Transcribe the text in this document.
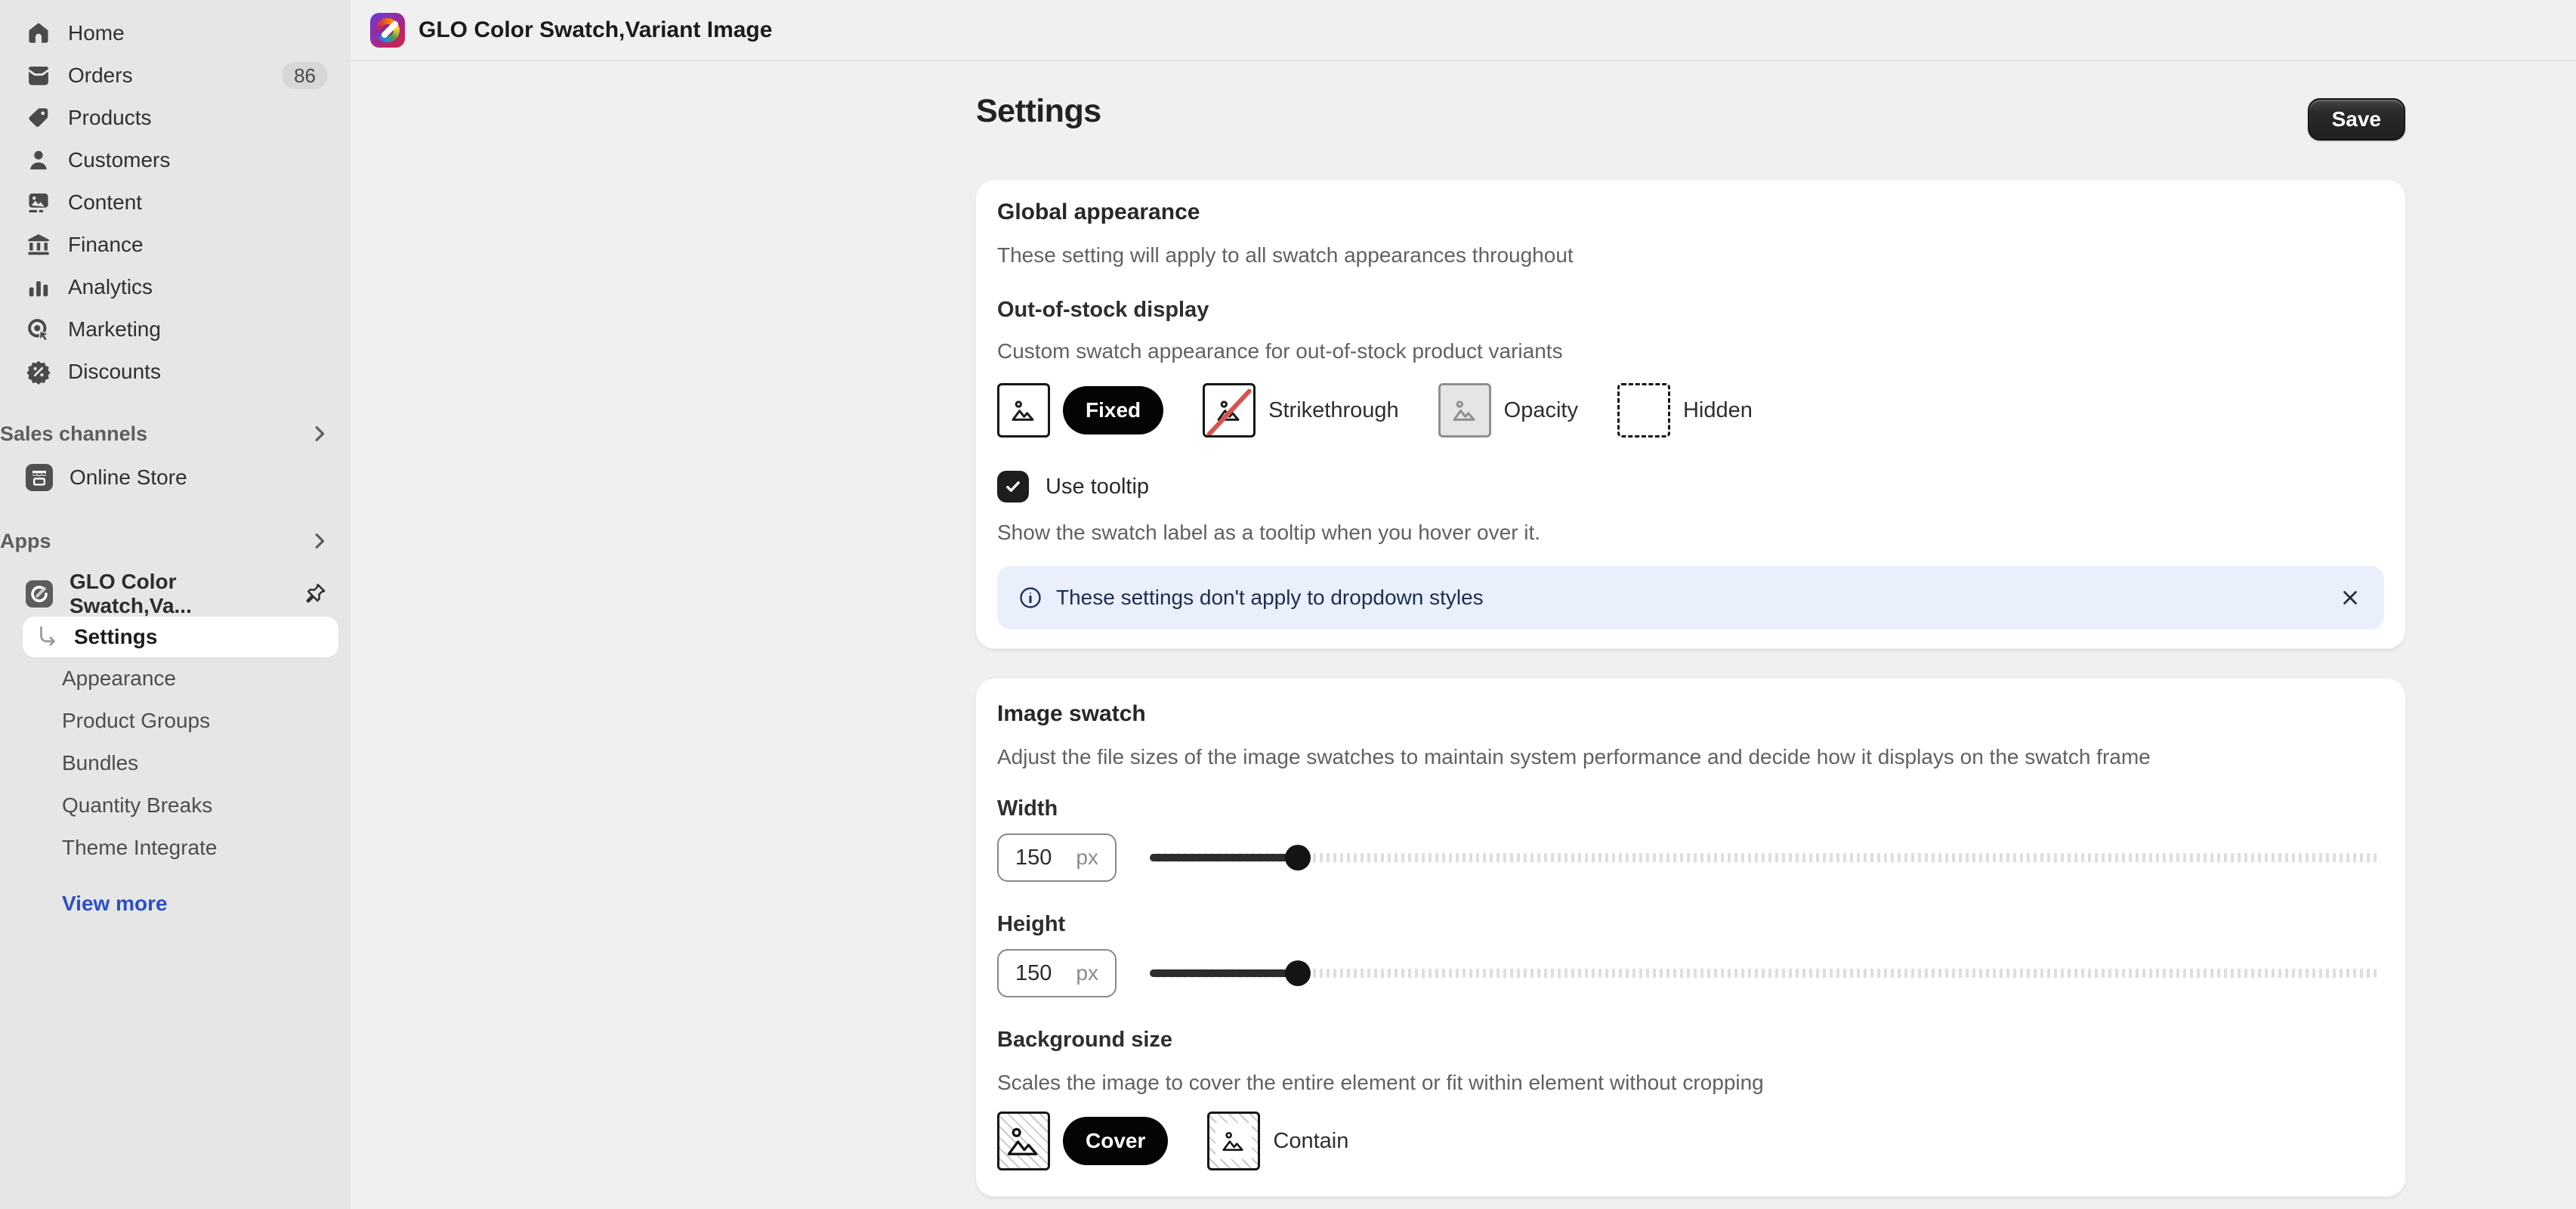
Home
Orders	86
Products
Customers
Content
Finance
Analytics
Marketing
Discounts
Sales channels
Online Store
Apps
GLO Color Swatch,Va...
Settings
Appearance
Product Groups
Bundles
Quantity Breaks
Theme Integrate
View more
GLO Color Swatch,Variant Image
Settings	Save
Global appearance
These setting will apply to all swatch appearances throughout
Out-of-stock display
Custom swatch appearance for out-of-stock product variants
Fixed	Strikethrough	Opacity	Hidden
Use tooltip
Show the swatch label as a tooltip when you hover over it.
These settings don't apply to dropdown styles
Image swatch
Adjust the file sizes of the image swatches to maintain system performance and decide how it displays on the swatch frame
Width
150 px
Height
150 px
Background size
Scales the image to cover the entire element or fit within element without cropping
Cover	Contain
